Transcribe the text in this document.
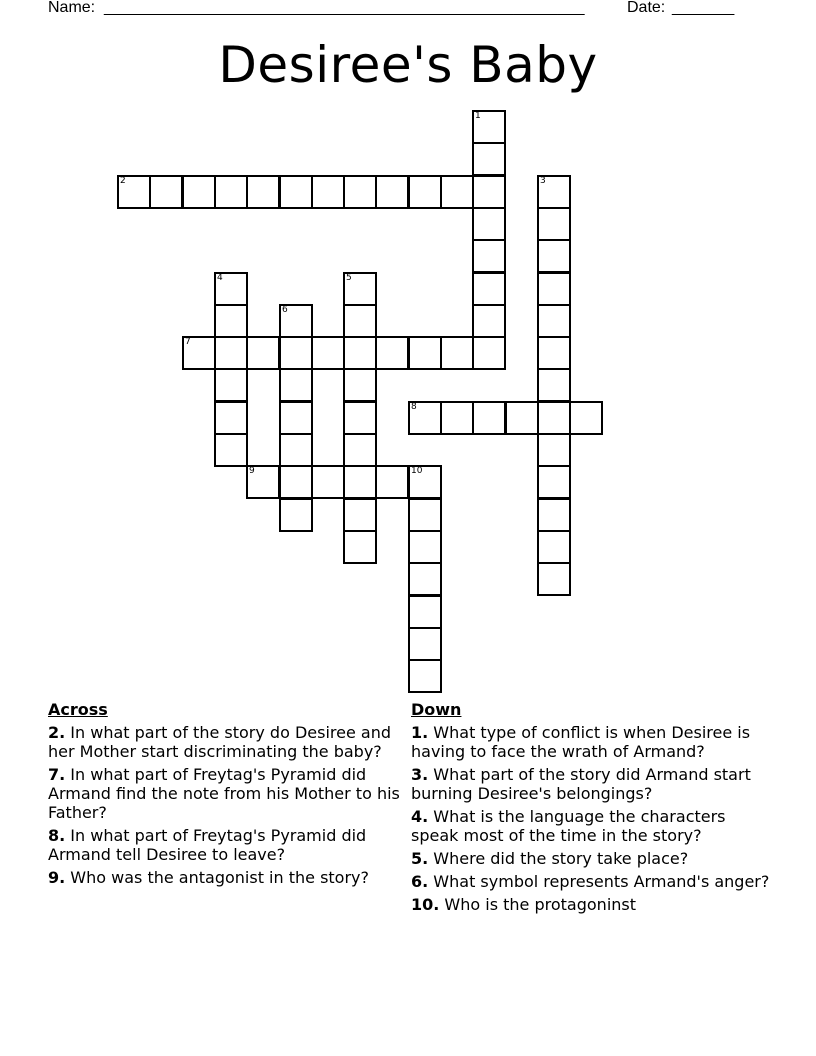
Name: ______________________________________________________	Date: _______
Desiree's Baby
1
2	3
4	5
6
7
8
9	10
Across
2. In what part of the story do Desiree and her Mother start discriminating the baby?
7. In what part of Freytag's Pyramid did Armand find the note from his Mother to his Father?
8. In what part of Freytag's Pyramid did Armand tell Desiree to leave?
9. Who was the antagonist in the story?
Down
1. What type of conflict is when Desiree is having to face the wrath of Armand?
3. What part of the story did Armand start burning Desiree's belongings?
4. What is the language the characters speak most of the time in the story?
5. Where did the story take place?
6. What symbol represents Armand's anger?
10. Who is the protagoninst
